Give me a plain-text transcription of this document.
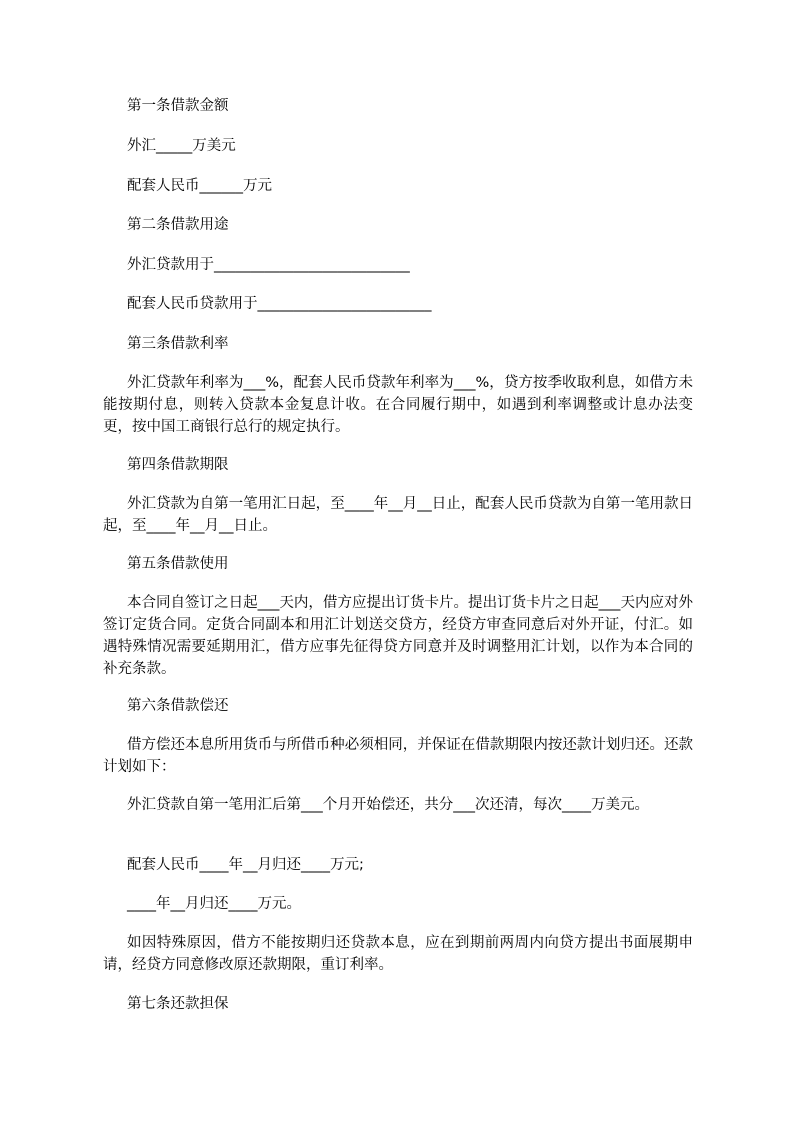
第一条借款金额

外汇_____万美元

配套人民币______万元

第二条借款用途

外汇贷款用于___________________________

配套人民币贷款用于________________________

第三条借款利率

外汇贷款年利率为___%，配套人民币贷款年利率为___%，贷方按季收取利息，如借方未能按期付息，则转入贷款本金复息计收。在合同履行期中，如遇到利率调整或计息办法变更，按中国工商银行总行的规定执行。

第四条借款期限

外汇贷款为自第一笔用汇日起，至____年__月__日止，配套人民币贷款为自第一笔用款日起，至____年__月__日止。

第五条借款使用

本合同自签订之日起___天内，借方应提出订货卡片。提出订货卡片之日起___天内应对外签订定货合同。定货合同副本和用汇计划送交贷方，经贷方审查同意后对外开证，付汇。如遇特殊情况需要延期用汇，借方应事先征得贷方同意并及时调整用汇计划，以作为本合同的补充条款。

第六条借款偿还

借方偿还本息所用货币与所借币种必须相同，并保证在借款期限内按还款计划归还。还款计划如下：

外汇贷款自第一笔用汇后第___个月开始偿还，共分___次还清，每次____万美元。

配套人民币____年__月归还____万元;

____年__月归还____万元。

如因特殊原因，借方不能按期归还贷款本息，应在到期前两周内向贷方提出书面展期申请，经贷方同意修改原还款期限，重订利率。

第七条还款担保
